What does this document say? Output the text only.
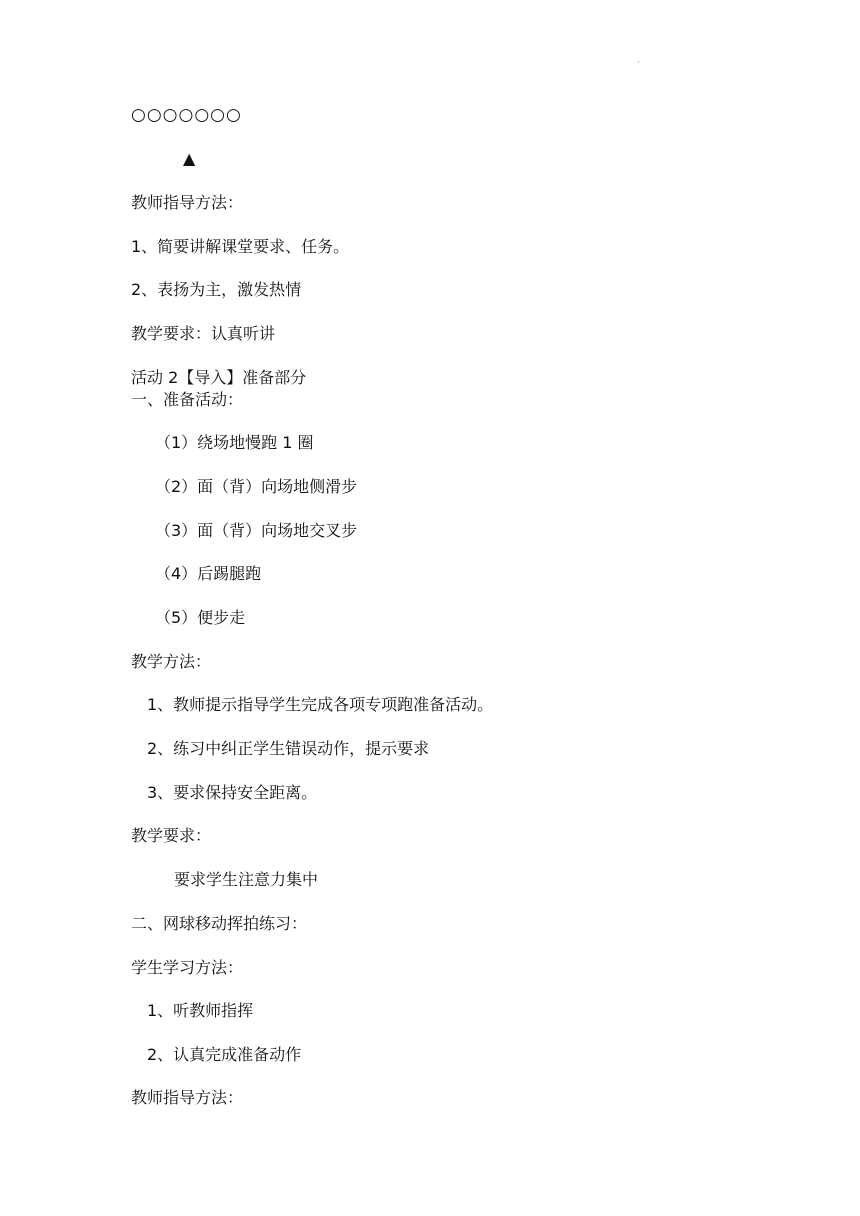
·
○○○○○○○
▲
教师指导方法：
1、简要讲解课堂要求、任务。
2、表扬为主，激发热情
教学要求：认真听讲
活动 2【导入】准备部分
一、准备活动：
（1）绕场地慢跑 1 圈
（2）面（背）向场地侧滑步
（3）面（背）向场地交叉步
（4）后踢腿跑
（5）便步走
教学方法：
1、教师提示指导学生完成各项专项跑准备活动。
2、练习中纠正学生错误动作，提示要求
3、要求保持安全距离。
教学要求：
要求学生注意力集中
二、网球移动挥拍练习：
学生学习方法：
1、听教师指挥
2、认真完成准备动作
教师指导方法：
